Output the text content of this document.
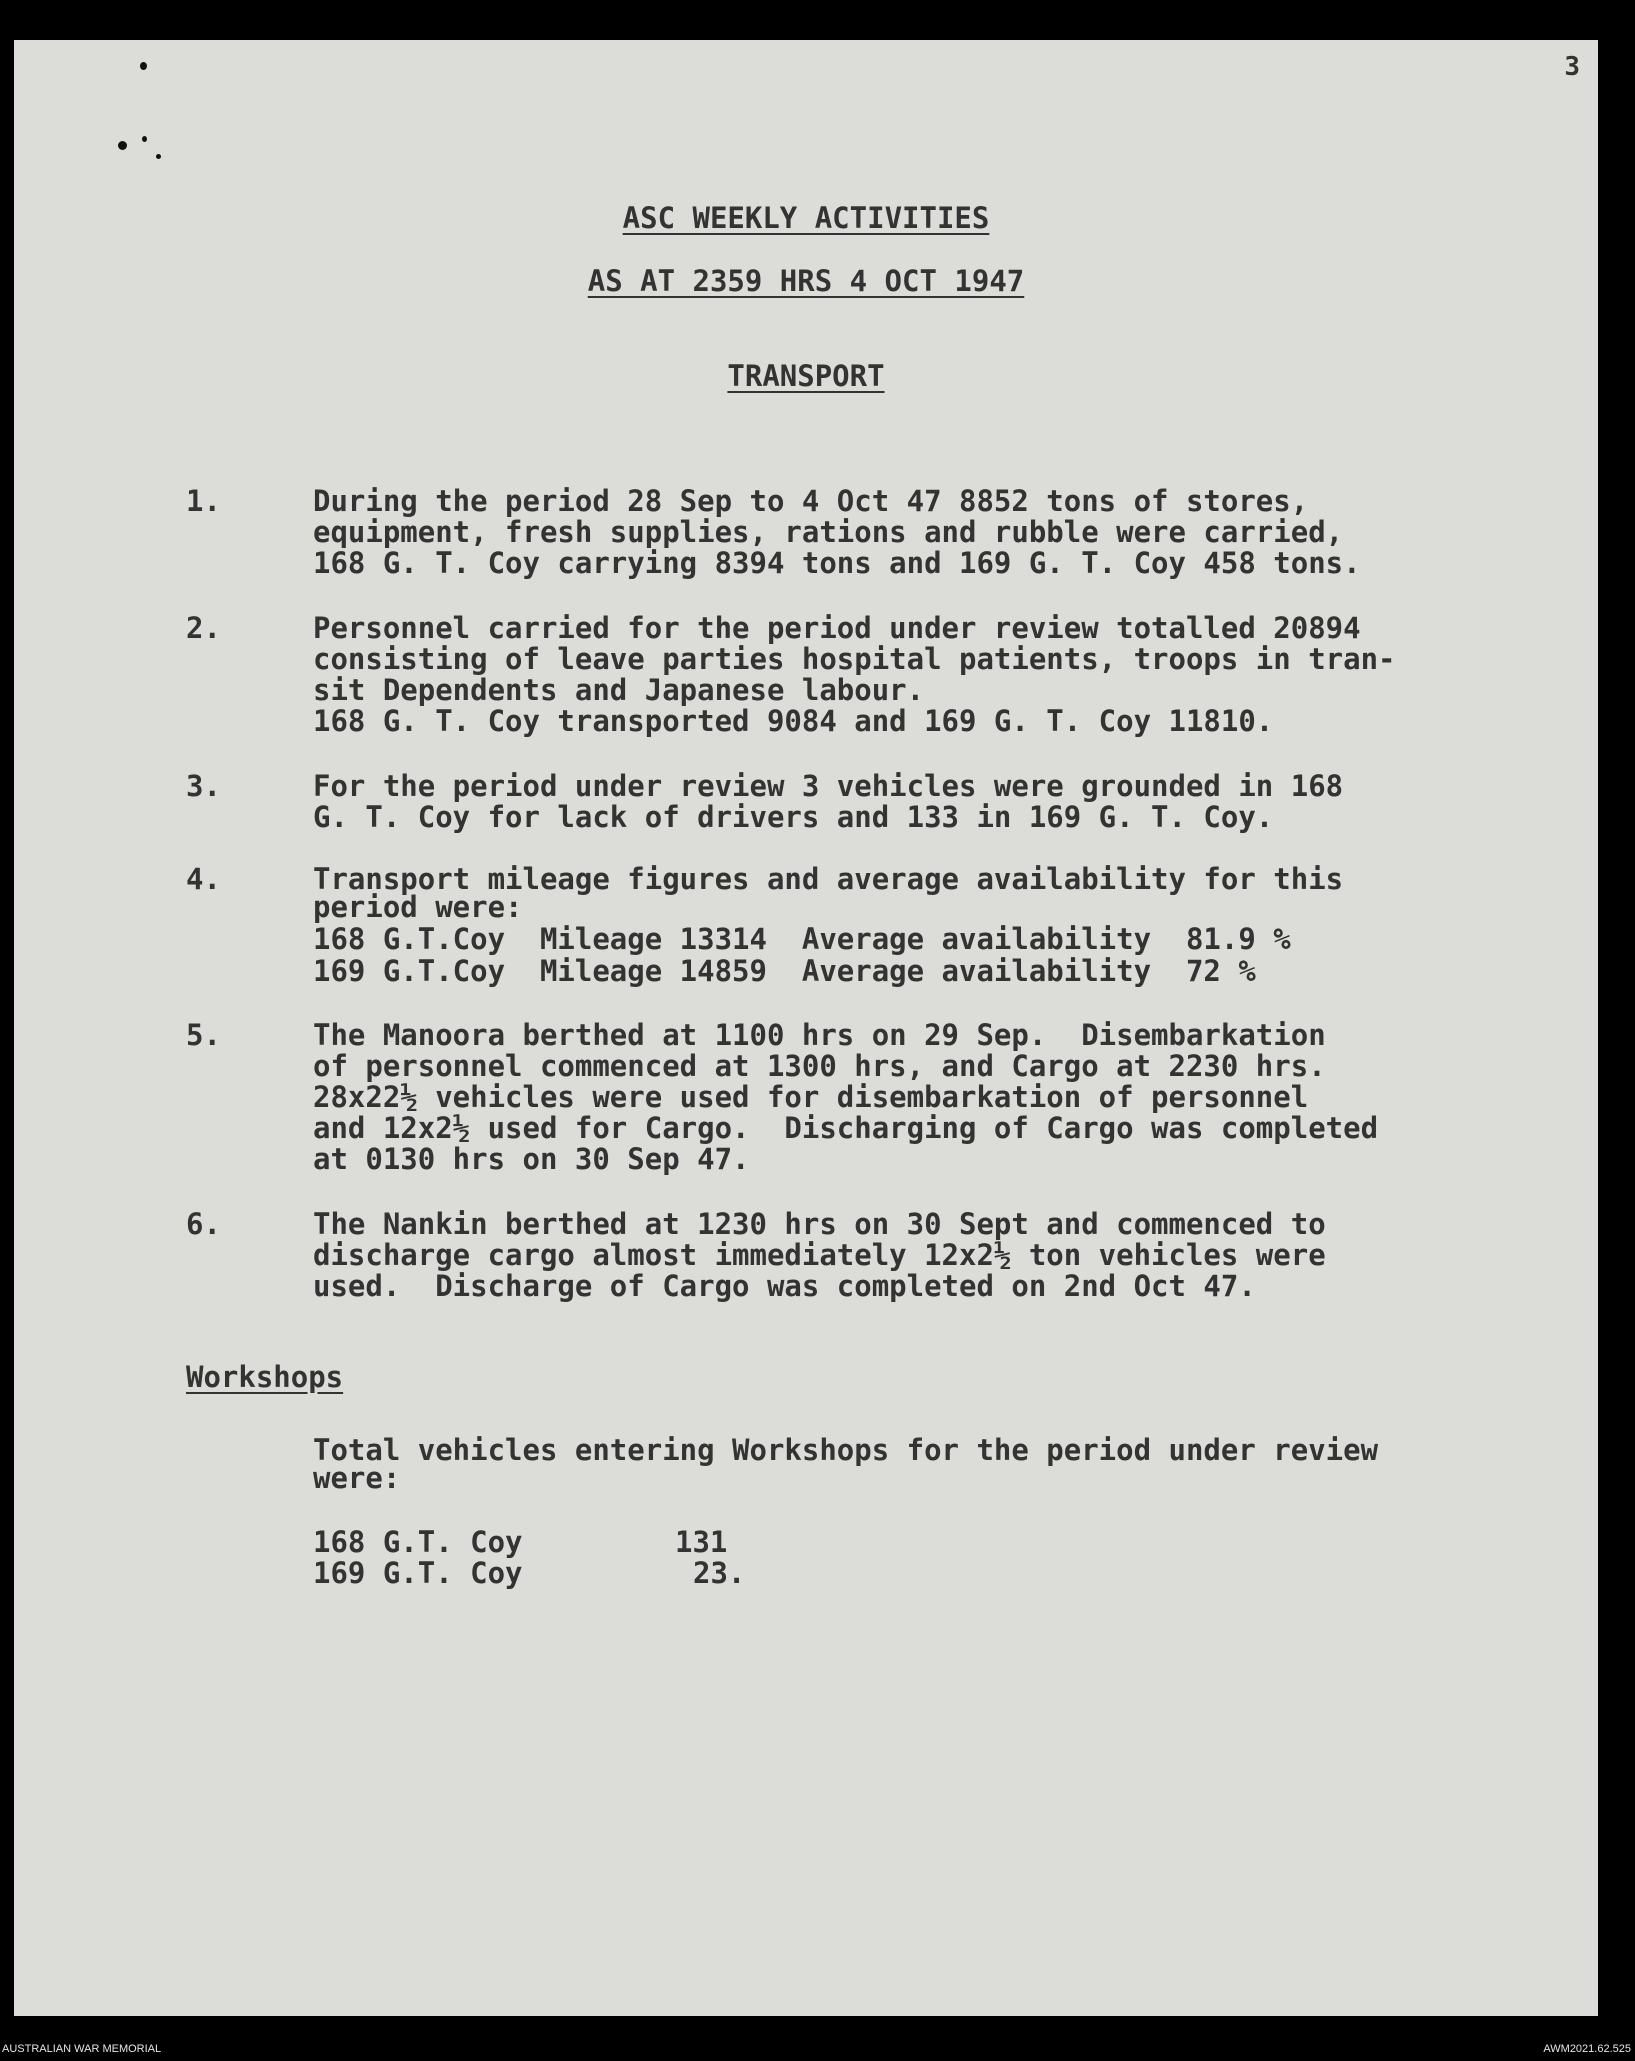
3
ASC WEEKLY ACTIVITIES
AS AT 2359 HRS 4 OCT 1947
TRANSPORT
1.	During the period 28 Sep to 4 Oct 47 8852 tons of stores,
equipment, fresh supplies, rations and rubble were carried,
168 G. T. Coy carrying 8394 tons and 169 G. T. Coy 458 tons.
2.	Personnel carried for the period under review totalled 20894
consisting of leave parties hospital patients, troops in tran-
sit Dependents and Japanese labour.
168 G. T. Coy transported 9084 and 169 G. T. Coy 11810.
3.	For the period under review 3 vehicles were grounded in 168
G. T. Coy for lack of drivers and 133 in 169 G. T. Coy.
4.	Transport mileage figures and average availability for this
period were:
168 G.T.Coy  Mileage 13314  Average availability  81.9 %
169 G.T.Coy  Mileage 14859  Average availability  72 %
5.	The Manoora berthed at 1100 hrs on 29 Sep.  Disembarkation
of personnel commenced at 1300 hrs, and Cargo at 2230 hrs.
28x22½ vehicles were used for disembarkation of personnel
and 12x2½ used for Cargo.  Discharging of Cargo was completed
at 0130 hrs on 30 Sep 47.
6.	The Nankin berthed at 1230 hrs on 30 Sept and commenced to
discharge cargo almost immediately 12x2½ ton vehicles were
used.  Discharge of Cargo was completed on 2nd Oct 47.
Workshops
Total vehicles entering Workshops for the period under review
were:
168 G.T. Coy	131
169 G.T. Coy	23.
AUSTRALIAN WAR MEMORIAL	AWM2021.62.525
